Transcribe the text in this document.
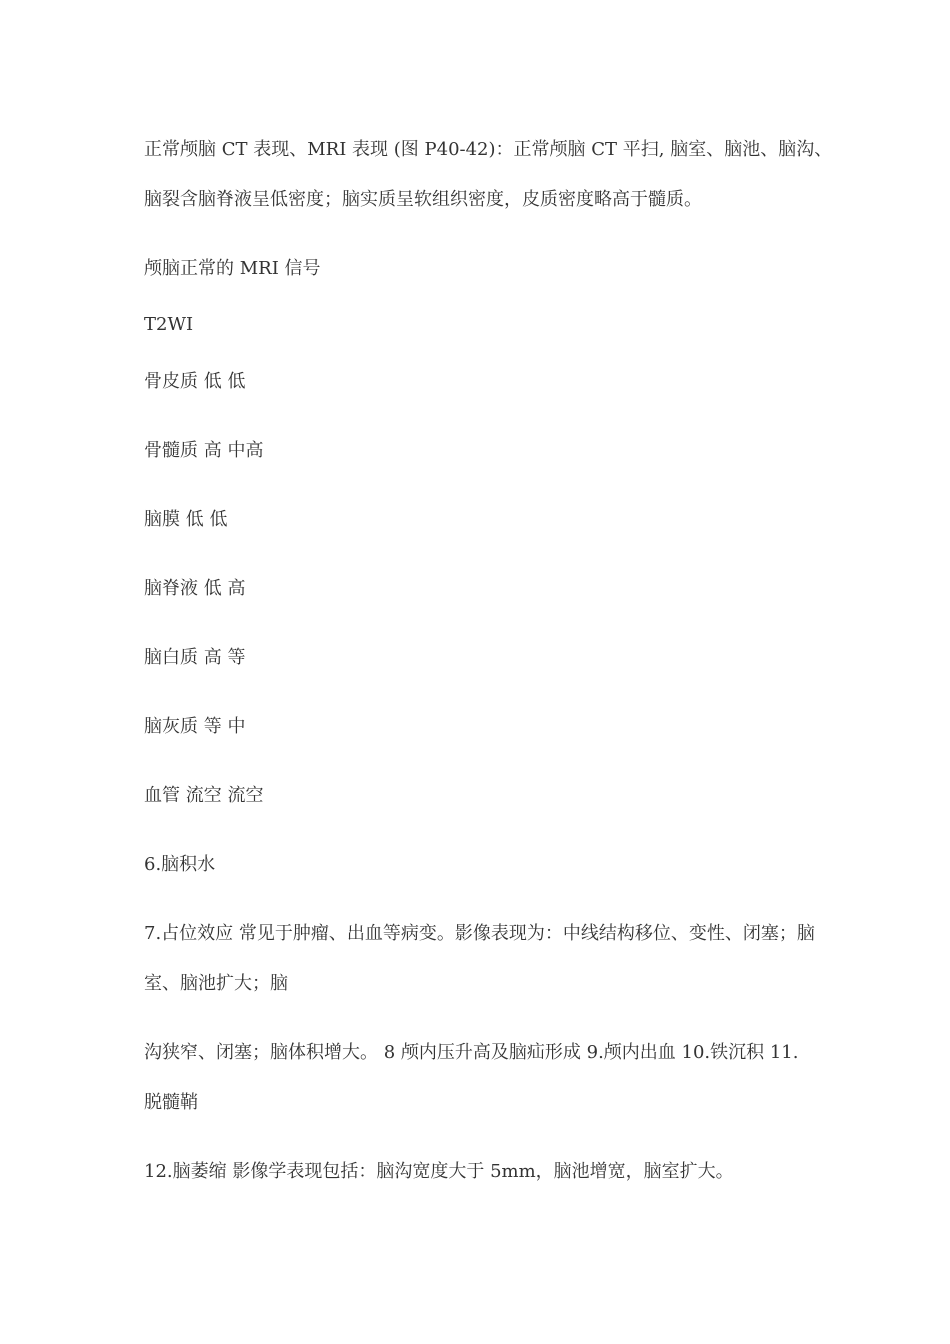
正常颅脑 CT 表现、MRI 表现 (图 P40-42)：正常颅脑 CT 平扫, 脑室、脑池、脑沟、
脑裂含脑脊液呈低密度；脑实质呈软组织密度，皮质密度略高于髓质。
颅脑正常的 MRI 信号
T2WI
骨皮质 低 低
骨髓质 高 中高
脑膜 低 低
脑脊液 低 高
脑白质 高 等
脑灰质 等 中
血管 流空 流空
6.脑积水
7.占位效应 常见于肿瘤、出血等病变。影像表现为：中线结构移位、变性、闭塞；脑
室、脑池扩大；脑
沟狭窄、闭塞；脑体积增大。 8 颅内压升高及脑疝形成 9.颅内出血 10.铁沉积 11.
脱髓鞘
12.脑萎缩 影像学表现包括：脑沟宽度大于 5mm，脑池增宽，脑室扩大。
